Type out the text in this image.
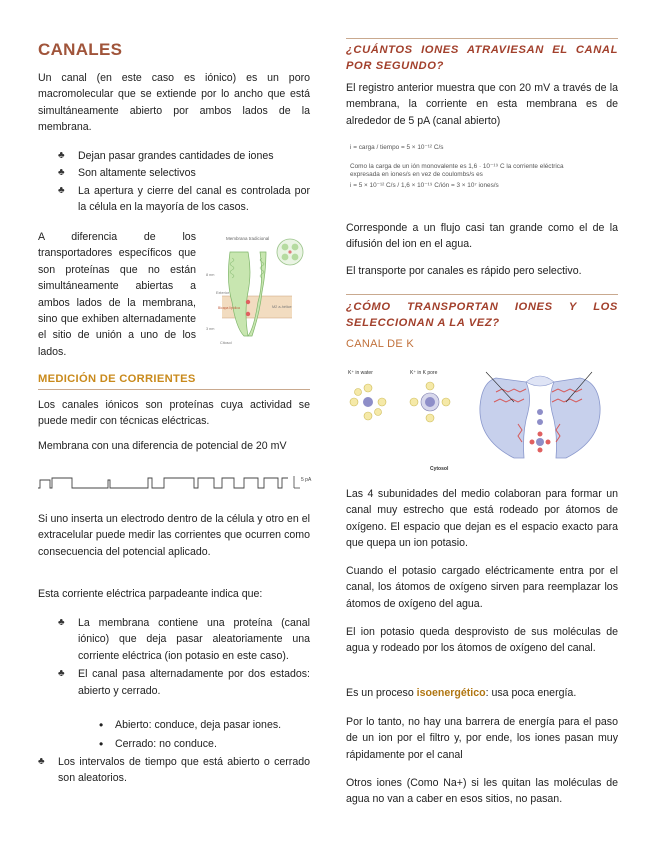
CANALES

Un canal (en este caso es iónico) es un poro macromolecular que se extiende por lo ancho que está simultáneamente abierto por ambos lados de la membrana.

♣ Dejan pasar grandes cantidades de iones
♣ Son altamente selectivos
♣ La apertura y cierre del canal es controlada por la célula en la mayoría de los casos.

A diferencia de los transportadores específicos que son proteínas que no están simultáneamente abiertas a ambos lados de la membrana, sino que exhiben alternadamente el sitio de unión a uno de los lados.

Membrana tradicional
8 nm
3 nm
Exterior
Bicapa lipídica	M2 a-hélice
Citosol
MEDICIÓN DE CORRIENTES

Los canales iónicos son proteínas cuya actividad se puede medir con técnicas eléctricas.

Membrana con una diferencia de potencial de 20 mV

5 pA

Si uno inserta un electrodo dentro de la célula y otro en el extracelular puede medir las corrientes que ocurren como consecuencia del potencial aplicado.

Esta corriente eléctrica parpadeante indica que:

♣ La membrana contiene una proteína (canal iónico) que deja pasar aleatoriamente una corriente eléctrica (ion potasio en este caso).
♣ El canal pasa alternadamente por dos estados: abierto y cerrado.
• Abierto: conduce, deja pasar iones.
• Cerrado: no conduce.
♣ Los intervalos de tiempo que está abierto o cerrado son aleatorios.
¿CUÁNTOS IONES ATRAVIESAN EL CANAL POR SEGUNDO?

El registro anterior muestra que con 20 mV a través de la membrana, la corriente en esta membrana es de alrededor de 5 pA (canal abierto)

i = carga / tiempo = 5 × 10⁻¹² C/s
Como la carga de un ión monovalente es 1,6 · 10⁻¹⁹ C la corriente eléctrica
expresada en iones/s en vez de coulombs/s es
i = 5 × 10⁻¹² C/s / 1,6 × 10⁻¹⁹ C/ión = 3 × 10⁷ iones/s

Corresponde a un flujo casi tan grande como el de la difusión del ion en el agua.

El transporte por canales es rápido pero selectivo.

¿CÓMO TRANSPORTAN IONES Y LOS SELECCIONAN A LA VEZ?
CANAL DE K
K⁺ in water	K⁺ in K pore
Cytosol

Las 4 subunidades del medio colaboran para formar un canal muy estrecho que está rodeado por átomos de oxígeno. El espacio que dejan es el espacio exacto para que quepa un ion potasio.

Cuando el potasio cargado eléctricamente entra por el canal, los átomos de oxígeno sirven para reemplazar los átomos de oxígeno del agua.

El ion potasio queda desprovisto de sus moléculas de agua y rodeado por los átomos de oxígeno del canal.

Es un proceso isoenergético: usa poca energía.

Por lo tanto, no hay una barrera de energía para el paso de un ion por el filtro y, por ende, los iones pasan muy rápidamente por el canal

Otros iones (Como Na+) si les quitan las moléculas de agua no van a caber en esos sitios, no pasan.
